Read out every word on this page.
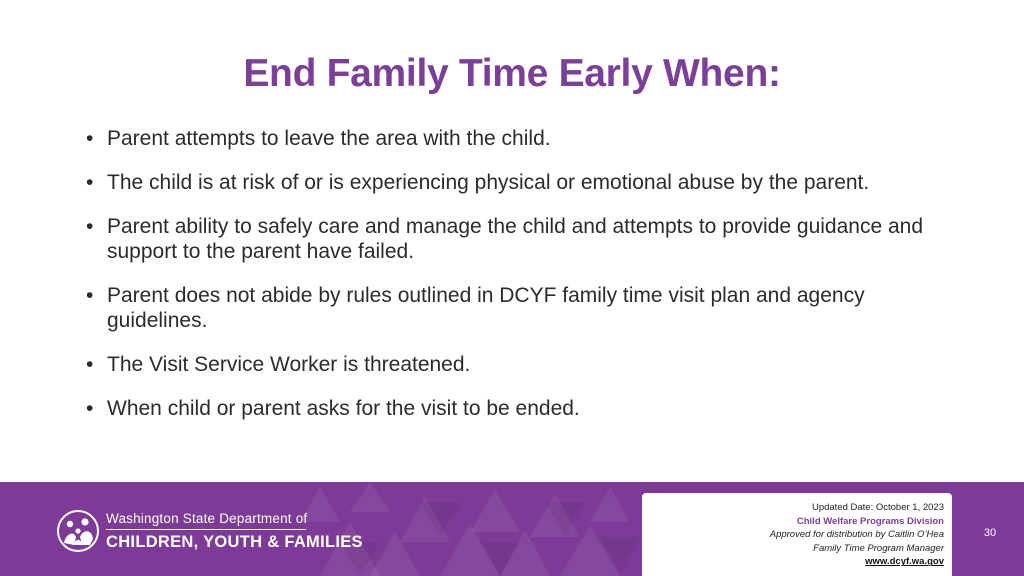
End Family Time Early When:
• Parent attempts to leave the area with the child.
• The child is at risk of or is experiencing physical or emotional abuse by the parent.
• Parent ability to safely care and manage the child and attempts to provide guidance and support to the parent have failed.
• Parent does not abide by rules outlined in DCYF family time visit plan and agency guidelines.
• The Visit Service Worker is threatened.
• When child or parent asks for the visit to be ended.
Washington State Department of
CHILDREN, YOUTH & FAMILIES
Updated Date: October 1, 2023
Child Welfare Programs Division
Approved for distribution by Caitlin O’Hea
Family Time Program Manager
www.dcyf.wa.gov
30
